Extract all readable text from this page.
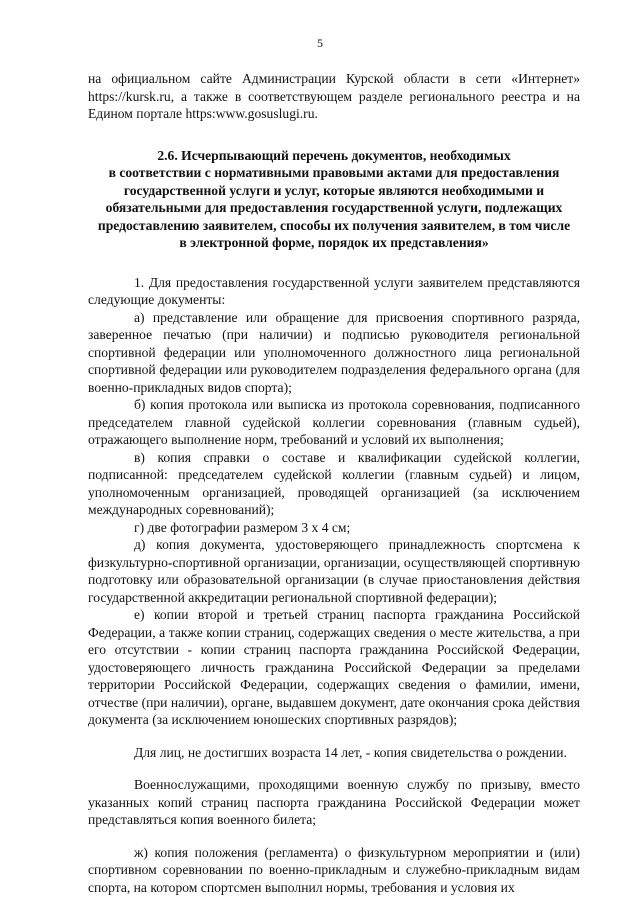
5

на официальном сайте Администрации Курской области в сети «Интернет» https://kursk.ru, а также в соответствующем разделе регионального реестра и на Едином портале https:www.gosuslugi.ru.

2.6. Исчерпывающий перечень документов, необходимых
в соответствии с нормативными правовыми актами для предоставления
государственной услуги и услуг, которые являются необходимыми и
обязательными для предоставления государственной услуги, подлежащих
предоставлению заявителем, способы их получения заявителем, в том числе
в электронной форме, порядок их представления»

1. Для предоставления государственной услуги заявителем представляются следующие документы:

а) представление или обращение для присвоения спортивного разряда, заверенное печатью (при наличии) и подписью руководителя региональной спортивной федерации или уполномоченного должностного лица региональной спортивной федерации или руководителем подразделения федерального органа (для военно-прикладных видов спорта);

б) копия протокола или выписка из протокола соревнования, подписанного председателем главной судейской коллегии соревнования (главным судьей), отражающего выполнение норм, требований и условий их выполнения;

в) копия справки о составе и квалификации судейской коллегии, подписанной: председателем судейской коллегии (главным судьей) и лицом, уполномоченным организацией, проводящей организацией (за исключением международных соревнований);

г) две фотографии размером 3 х 4 см;

д) копия документа, удостоверяющего принадлежность спортсмена к физкультурно-спортивной организации, организации, осуществляющей спортивную подготовку или образовательной организации (в случае приостановления действия государственной аккредитации региональной спортивной федерации);

е) копии второй и третьей страниц паспорта гражданина Российской Федерации, а также копии страниц, содержащих сведения о месте жительства, а при его отсутствии - копии страниц паспорта гражданина Российской Федерации, удостоверяющего личность гражданина Российской Федерации за пределами территории Российской Федерации, содержащих сведения о фамилии, имени, отчестве (при наличии), органе, выдавшем документ, дате окончания срока действия документа (за исключением юношеских спортивных разрядов);

Для лиц, не достигших возраста 14 лет, - копия свидетельства о рождении.

Военнослужащими, проходящими военную службу по призыву, вместо указанных копий страниц паспорта гражданина Российской Федерации может представляться копия военного билета;

ж) копия положения (регламента) о физкультурном мероприятии и (или) спортивном соревновании по военно-прикладным и служебно-прикладным видам спорта, на котором спортсмен выполнил нормы, требования и условия их
